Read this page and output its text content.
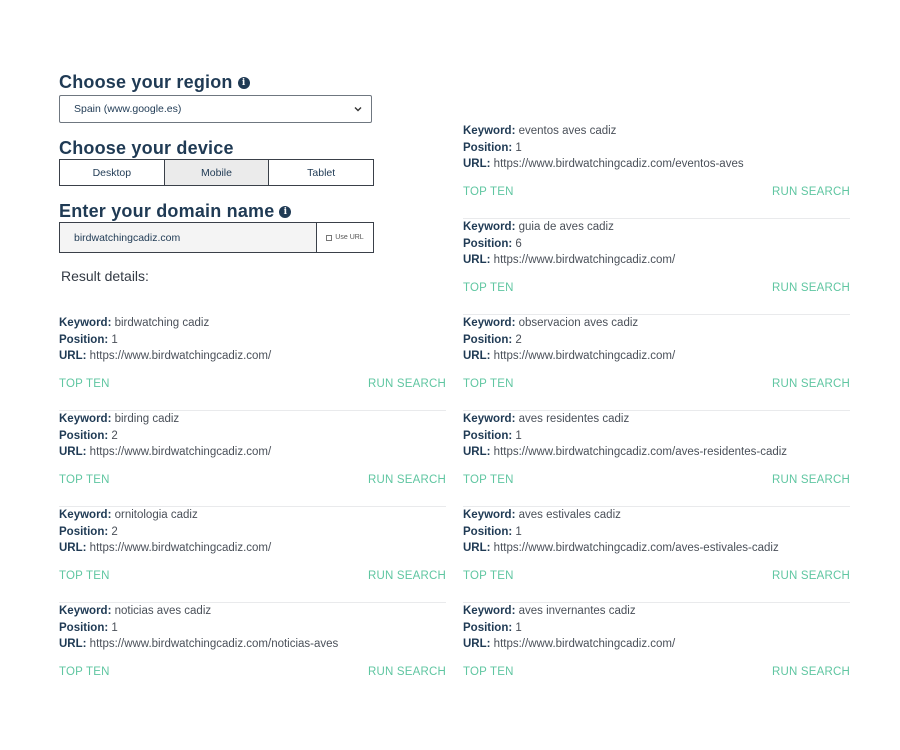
Choose your region	i
Spain (www.google.es)
Choose your device
Desktop	Mobile	Tablet
Enter your domain name	i
birdwatchingcadiz.com	Use URL
Result details:
Keyword: birdwatching cadiz
Position: 1
URL: https://www.birdwatchingcadiz.com/
TOP TEN	RUN SEARCH
Keyword: birding cadiz
Position: 2
URL: https://www.birdwatchingcadiz.com/
TOP TEN	RUN SEARCH
Keyword: ornitologia cadiz
Position: 2
URL: https://www.birdwatchingcadiz.com/
TOP TEN	RUN SEARCH
Keyword: noticias aves cadiz
Position: 1
URL: https://www.birdwatchingcadiz.com/noticias-aves
TOP TEN	RUN SEARCH
Keyword: eventos aves cadiz
Position: 1
URL: https://www.birdwatchingcadiz.com/eventos-aves
TOP TEN	RUN SEARCH
Keyword: guia de aves cadiz
Position: 6
URL: https://www.birdwatchingcadiz.com/
TOP TEN	RUN SEARCH
Keyword: observacion aves cadiz
Position: 2
URL: https://www.birdwatchingcadiz.com/
TOP TEN	RUN SEARCH
Keyword: aves residentes cadiz
Position: 1
URL: https://www.birdwatchingcadiz.com/aves-residentes-cadiz
TOP TEN	RUN SEARCH
Keyword: aves estivales cadiz
Position: 1
URL: https://www.birdwatchingcadiz.com/aves-estivales-cadiz
TOP TEN	RUN SEARCH
Keyword: aves invernantes cadiz
Position: 1
URL: https://www.birdwatchingcadiz.com/
TOP TEN	RUN SEARCH
